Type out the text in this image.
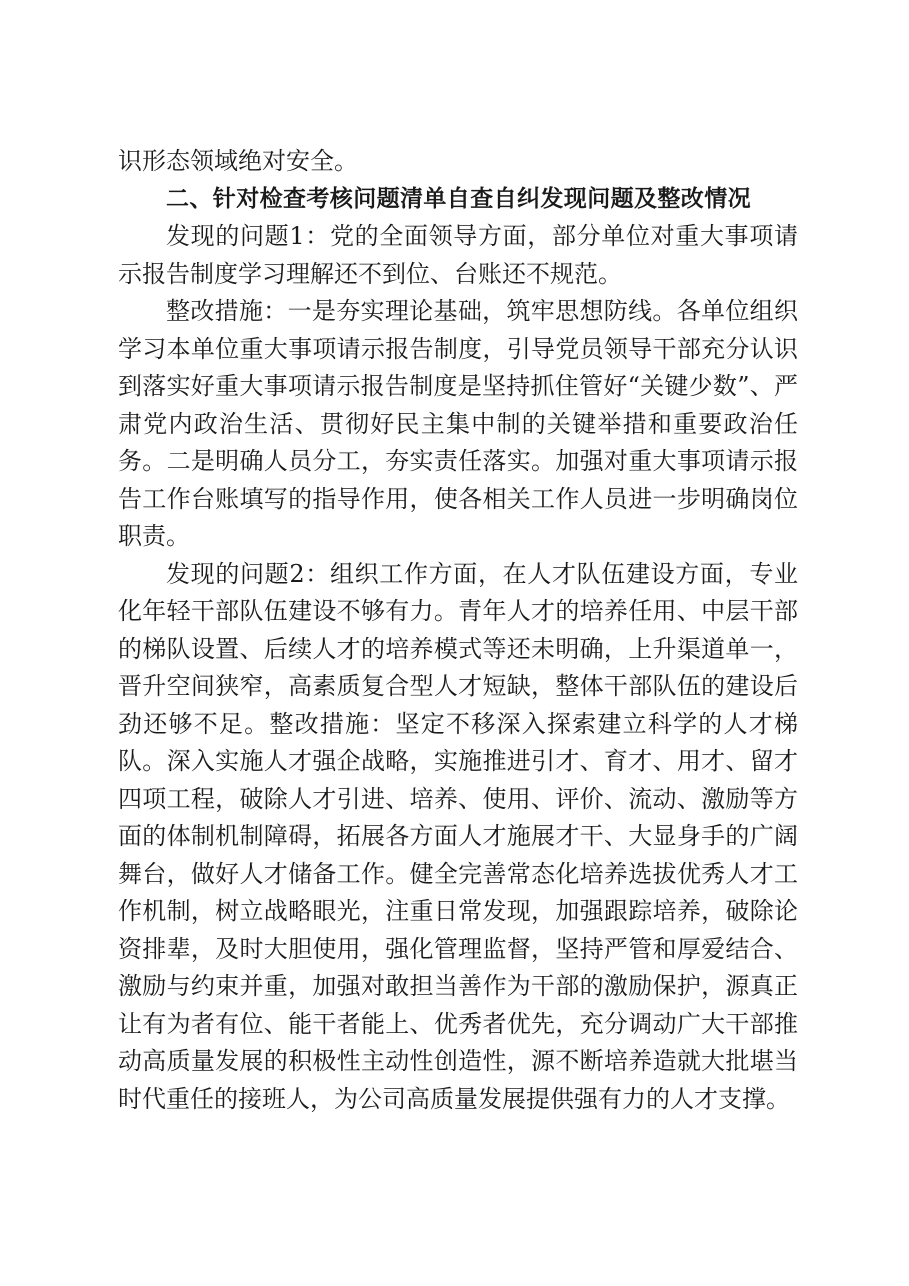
识形态领域绝对安全。

二、针对检查考核问题清单自查自纠发现问题及整改情况

发现的问题1：党的全面领导方面，部分单位对重大事项请示报告制度学习理解还不到位、台账还不规范。

整改措施：一是夯实理论基础，筑牢思想防线。各单位组织学习本单位重大事项请示报告制度，引导党员领导干部充分认识到落实好重大事项请示报告制度是坚持抓住管好“关键少数”、严肃党内政治生活、贯彻好民主集中制的关键举措和重要政治任务。二是明确人员分工，夯实责任落实。加强对重大事项请示报告工作台账填写的指导作用，使各相关工作人员进一步明确岗位职责。

发现的问题2：组织工作方面，在人才队伍建设方面，专业化年轻干部队伍建设不够有力。青年人才的培养任用、中层干部的梯队设置、后续人才的培养模式等还未明确，上升渠道单一，晋升空间狭窄，高素质复合型人才短缺，整体干部队伍的建设后劲还够不足。整改措施：坚定不移深入探索建立科学的人才梯队。深入实施人才强企战略，实施推进引才、育才、用才、留才四项工程，破除人才引进、培养、使用、评价、流动、激励等方面的体制机制障碍，拓展各方面人才施展才干、大显身手的广阔舞台，做好人才储备工作。健全完善常态化培养选拔优秀人才工作机制，树立战略眼光，注重日常发现，加强跟踪培养，破除论资排辈，及时大胆使用，强化管理监督，坚持严管和厚爱结合、激励与约束并重，加强对敢担当善作为干部的激励保护，源真正让有为者有位、能干者能上、优秀者优先，充分调动广大干部推动高质量发展的积极性主动性创造性，源不断培养造就大批堪当时代重任的接班人，为公司高质量发展提供强有力的人才支撑。
